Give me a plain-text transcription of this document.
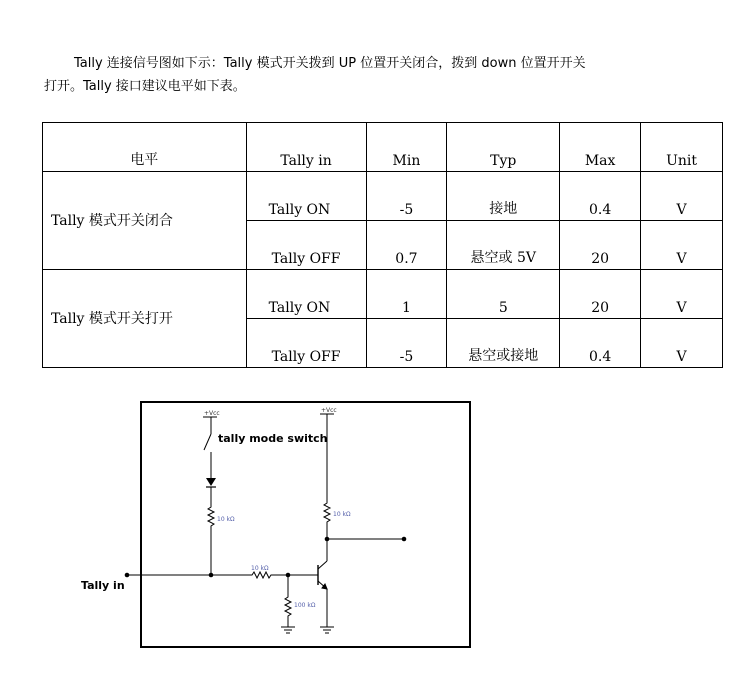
Tally 连接信号图如下示：Tally 模式开关拨到 UP 位置开关闭合，拨到 down 位置开开关
打开。Tally 接口建议电平如下表。

电平	Tally in	Min	Typ	Max	Unit
Tally 模式开关闭合	Tally ON	-5	接地	0.4	V
	Tally OFF	0.7	悬空或 5V	20	V
Tally 模式开关打开	Tally ON	1	5	20	V
	Tally OFF	-5	悬空或接地	0.4	V
+Vcc
tally mode switch
10 kΩ
Tally in
10 kΩ
100 kΩ
+Vcc
10 kΩ
